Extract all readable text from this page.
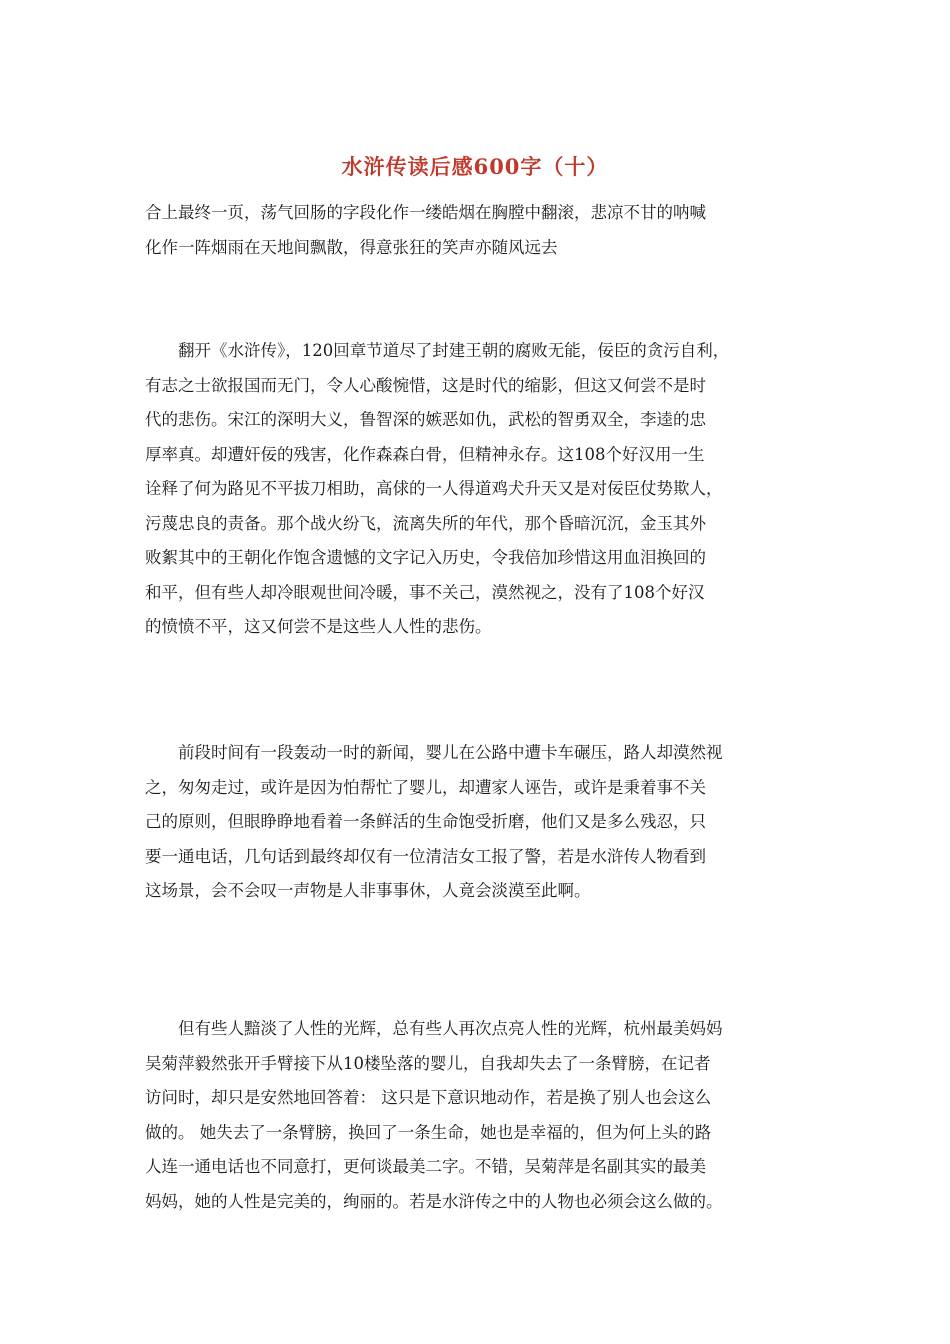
水浒传读后感600字（十）
合上最终一页，荡气回肠的字段化作一缕皓烟在胸膛中翻滚，悲凉不甘的呐喊
化作一阵烟雨在天地间飘散，得意张狂的笑声亦随风远去
　　翻开《水浒传》，120回章节道尽了封建王朝的腐败无能，佞臣的贪污自利，
有志之士欲报国而无门，令人心酸惋惜，这是时代的缩影，但这又何尝不是时
代的悲伤。宋江的深明大义，鲁智深的嫉恶如仇，武松的智勇双全，李逵的忠
厚率真。却遭奸佞的残害，化作森森白骨，但精神永存。这108个好汉用一生
诠释了何为路见不平拔刀相助，高俅的一人得道鸡犬升天又是对佞臣仗势欺人，
污蔑忠良的责备。那个战火纷飞，流离失所的年代，那个昏暗沉沉，金玉其外
败絮其中的王朝化作饱含遗憾的文字记入历史，令我倍加珍惜这用血泪换回的
和平，但有些人却冷眼观世间冷暖，事不关己，漠然视之，没有了108个好汉
的愤愤不平，这又何尝不是这些人人性的悲伤。
　　前段时间有一段轰动一时的新闻，婴儿在公路中遭卡车碾压，路人却漠然视
之，匆匆走过，或许是因为怕帮忙了婴儿，却遭家人诬告，或许是秉着事不关
己的原则，但眼睁睁地看着一条鲜活的生命饱受折磨，他们又是多么残忍，只
要一通电话，几句话到最终却仅有一位清洁女工报了警，若是水浒传人物看到
这场景，会不会叹一声物是人非事事休，人竟会淡漠至此啊。
　　但有些人黯淡了人性的光辉，总有些人再次点亮人性的光辉，杭州最美妈妈
吴菊萍毅然张开手臂接下从10楼坠落的婴儿，自我却失去了一条臂膀，在记者
访问时，却只是安然地回答着： 这只是下意识地动作，若是换了别人也会这么
做的。 她失去了一条臂膀，换回了一条生命，她也是幸福的，但为何上头的路
人连一通电话也不同意打，更何谈最美二字。不错，吴菊萍是名副其实的最美
妈妈，她的人性是完美的，绚丽的。若是水浒传之中的人物也必须会这么做的。
